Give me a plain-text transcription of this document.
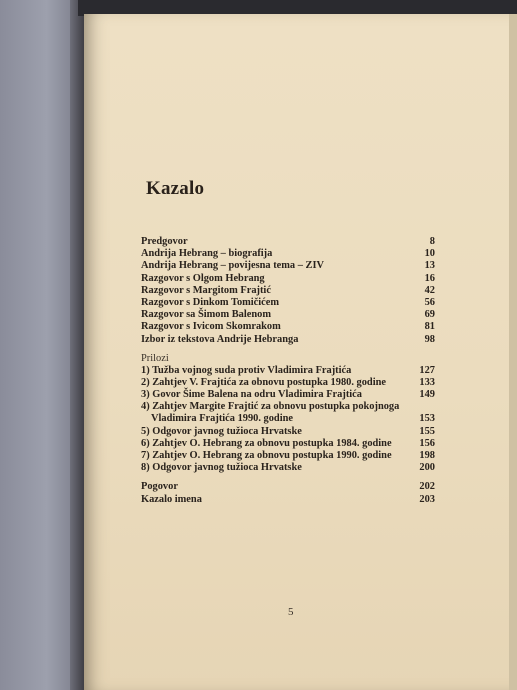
Kazalo
Predgovor	8
Andrija Hebrang – biografija	10
Andrija Hebrang – povijesna tema – ZIV	13
Razgovor s Olgom Hebrang	16
Razgovor s Margitom Frajtić	42
Razgovor s Dinkom Tomičićem	56
Razgovor sa Šimom Balenom	69
Razgovor s Ivicom Skomrakom	81
Izbor iz tekstova Andrije Hebranga	98
Prilozi
1) Tužba vojnog suda protiv Vladimira Frajtića	127
2) Zahtjev V. Frajtića za obnovu postupka 1980. godine	133
3) Govor Šime Balena na odru Vladimira Frajtića	149
4) Zahtjev Margite Frajtić za obnovu postupka pokojnoga
Vladimira Frajtića 1990. godine	153
5) Odgovor javnog tužioca Hrvatske	155
6) Zahtjev O. Hebrang za obnovu postupka 1984. godine	156
7) Zahtjev O. Hebrang za obnovu postupka 1990. godine	198
8) Odgovor javnog tužioca Hrvatske	200
Pogovor	202
Kazalo imena	203
5
